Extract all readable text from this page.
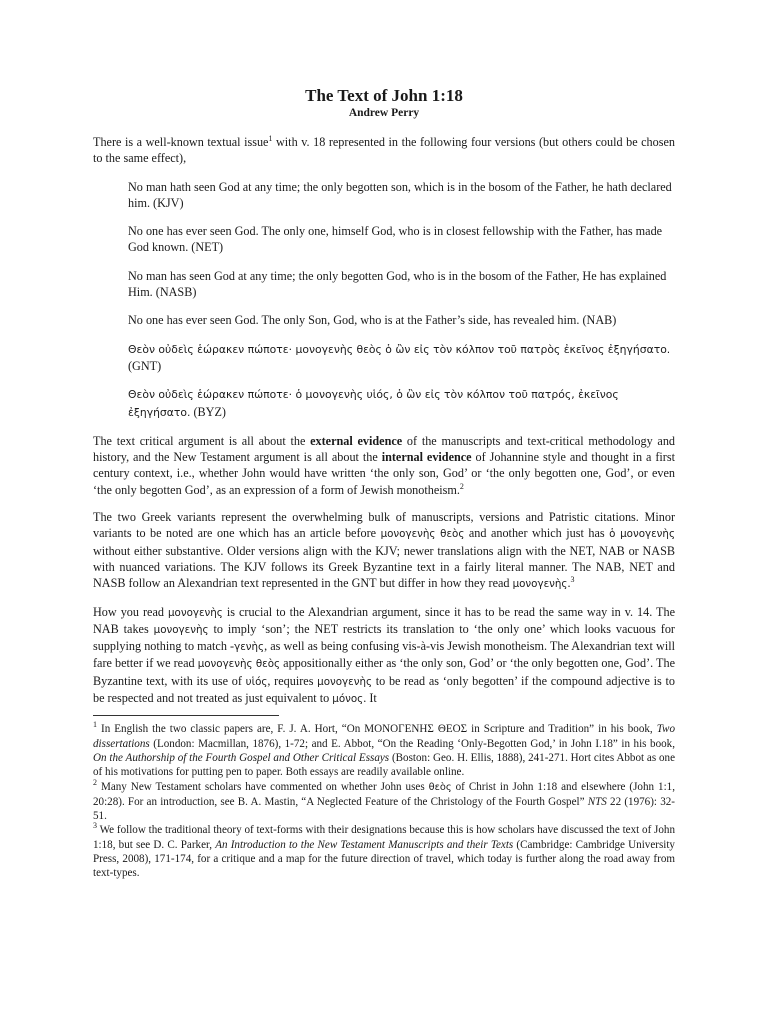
The Text of John 1:18
Andrew Perry

There is a well-known textual issue$^1$ with v. 18 represented in the following four versions (but others could be chosen to the same effect),

No man hath seen God at any time; the only begotten son, which is in the bosom of the Father, he hath declared him. (KJV)
No one has ever seen God. The only one, himself God, who is in closest fellowship with the Father, has made God known. (NET)
No man has seen God at any time; the only begotten God, who is in the bosom of the Father, He has explained Him. (NASB)
No one has ever seen God. The only Son, God, who is at the Father’s side, has revealed him. (NAB)
Θεὸν οὐδεὶς ἑώρακεν πώποτε· μονογενὴς θεὸς ὁ ὢν εἰς τὸν κόλπον τοῦ πατρὸς ἐκεῖνος ἐξηγήσατο. (GNT)
Θεὸν οὐδεὶς ἑώρακεν πώποτε· ὁ μονογενὴς υἱός, ὁ ὢν εἰς τὸν κόλπον τοῦ πατρός, ἐκεῖνος ἐξηγήσατο. (BYZ)

The text critical argument is all about the external evidence of the manuscripts and text-critical methodology and history, and the New Testament argument is all about the internal evidence of Johannine style and thought in a first century context, i.e., whether John would have written ‘the only son, God’ or ‘the only begotten one, God’, or even ‘the only begotten God’, as an expression of a form of Jewish monotheism.$^2$

The two Greek variants represent the overwhelming bulk of manuscripts, versions and Patristic citations. Minor variants to be noted are one which has an article before μονογενὴς θεὸς and another which just has ὁ μονογενὴς without either substantive. Older versions align with the KJV; newer translations align with the NET, NAB or NASB with nuanced variations. The KJV follows its Greek Byzantine text in a fairly literal manner. The NAB, NET and NASB follow an Alexandrian text represented in the GNT but differ in how they read μονογενὴς.$^3$

How you read μονογενὴς is crucial to the Alexandrian argument, since it has to be read the same way in v. 14. The NAB takes μονογενὴς to imply ‘son’; the NET restricts its translation to ‘the only one’ which looks vacuous for supplying nothing to match -γενὴς, as well as being confusing vis-à-vis Jewish monotheism. The Alexandrian text will fare better if we read μονογενὴς θεὸς appositionally either as ‘the only son, God’ or ‘the only begotten one, God’. The Byzantine text, with its use of υἱός, requires μονογενὴς to be read as ‘only begotten’ if the compound adjective is to be respected and not treated as just equivalent to μόνος. It

$^1$ In English the two classic papers are, F. J. A. Hort, “On ΜΟΝΟΓΕΝΗΣ ΘΕΟΣ in Scripture and Tradition” in his book, Two dissertations (London: Macmillan, 1876), 1-72; and E. Abbot, “On the Reading ‘Only-Begotten God,’ in John I.18” in his book, On the Authorship of the Fourth Gospel and Other Critical Essays (Boston: Geo. H. Ellis, 1888), 241-271. Hort cites Abbot as one of his motivations for putting pen to paper. Both essays are readily available online.

$^2$ Many New Testament scholars have commented on whether John uses θεὸς of Christ in John 1:18 and elsewhere (John 1:1, 20:28). For an introduction, see B. A. Mastin, “A Neglected Feature of the Christology of the Fourth Gospel” NTS 22 (1976): 32-51.

$^3$ We follow the traditional theory of text-forms with their designations because this is how scholars have discussed the text of John 1:18, but see D. C. Parker, An Introduction to the New Testament Manuscripts and their Texts (Cambridge: Cambridge University Press, 2008), 171-174, for a critique and a map for the future direction of travel, which today is further along the road away from text-types.
